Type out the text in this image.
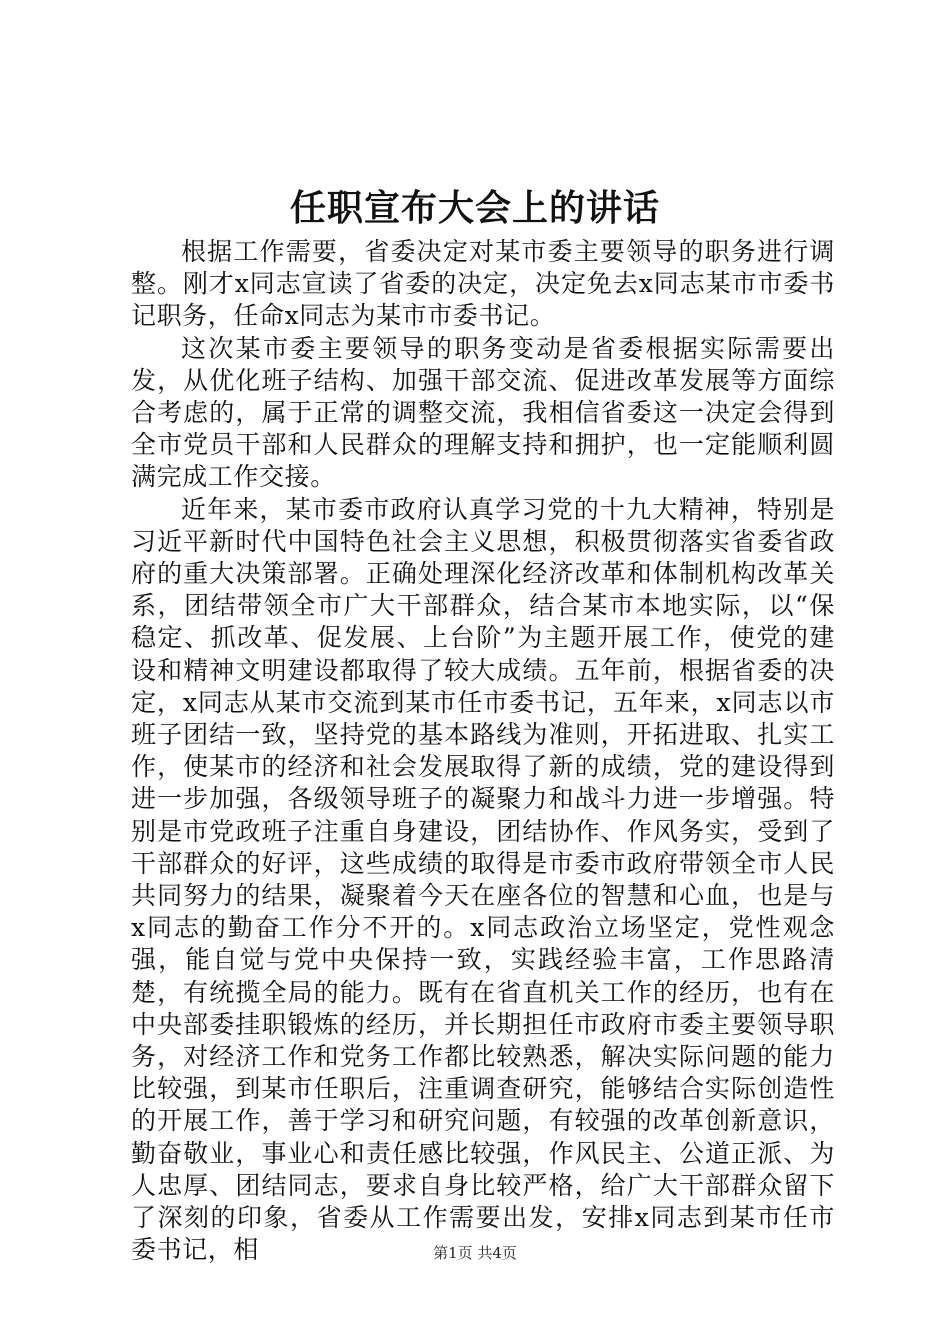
任职宣布大会上的讲话

根据工作需要，省委决定对某市委主要领导的职务进行调整。刚才x同志宣读了省委的决定，决定免去x同志某市市委书记职务，任命x同志为某市市委书记。

这次某市委主要领导的职务变动是省委根据实际需要出发，从优化班子结构、加强干部交流、促进改革发展等方面综合考虑的，属于正常的调整交流，我相信省委这一决定会得到全市党员干部和人民群众的理解支持和拥护，也一定能顺利圆满完成工作交接。

近年来，某市委市政府认真学习党的十九大精神，特别是习近平新时代中国特色社会主义思想，积极贯彻落实省委省政府的重大决策部署。正确处理深化经济改革和体制机构改革关系，团结带领全市广大干部群众，结合某市本地实际，以“保稳定、抓改革、促发展、上台阶”为主题开展工作，使党的建设和精神文明建设都取得了较大成绩。五年前，根据省委的决定，x同志从某市交流到某市任市委书记，五年来，x同志以市班子团结一致，坚持党的基本路线为准则，开拓进取、扎实工作，使某市的经济和社会发展取得了新的成绩，党的建设得到进一步加强，各级领导班子的凝聚力和战斗力进一步增强。特别是市党政班子注重自身建设，团结协作、作风务实，受到了干部群众的好评，这些成绩的取得是市委市政府带领全市人民共同努力的结果，凝聚着今天在座各位的智慧和心血，也是与x同志的勤奋工作分不开的。x同志政治立场坚定，党性观念强，能自觉与党中央保持一致，实践经验丰富，工作思路清楚，有统揽全局的能力。既有在省直机关工作的经历，也有在中央部委挂职锻炼的经历，并长期担任市政府市委主要领导职务，对经济工作和党务工作都比较熟悉，解决实际问题的能力比较强，到某市任职后，注重调查研究，能够结合实际创造性的开展工作，善于学习和研究问题，有较强的改革创新意识，勤奋敬业，事业心和责任感比较强，作风民主、公道正派、为人忠厚、团结同志，要求自身比较严格，给广大干部群众留下了深刻的印象，省委从工作需要出发，安排x同志到某市任市委书记，相	第1页 共4页
